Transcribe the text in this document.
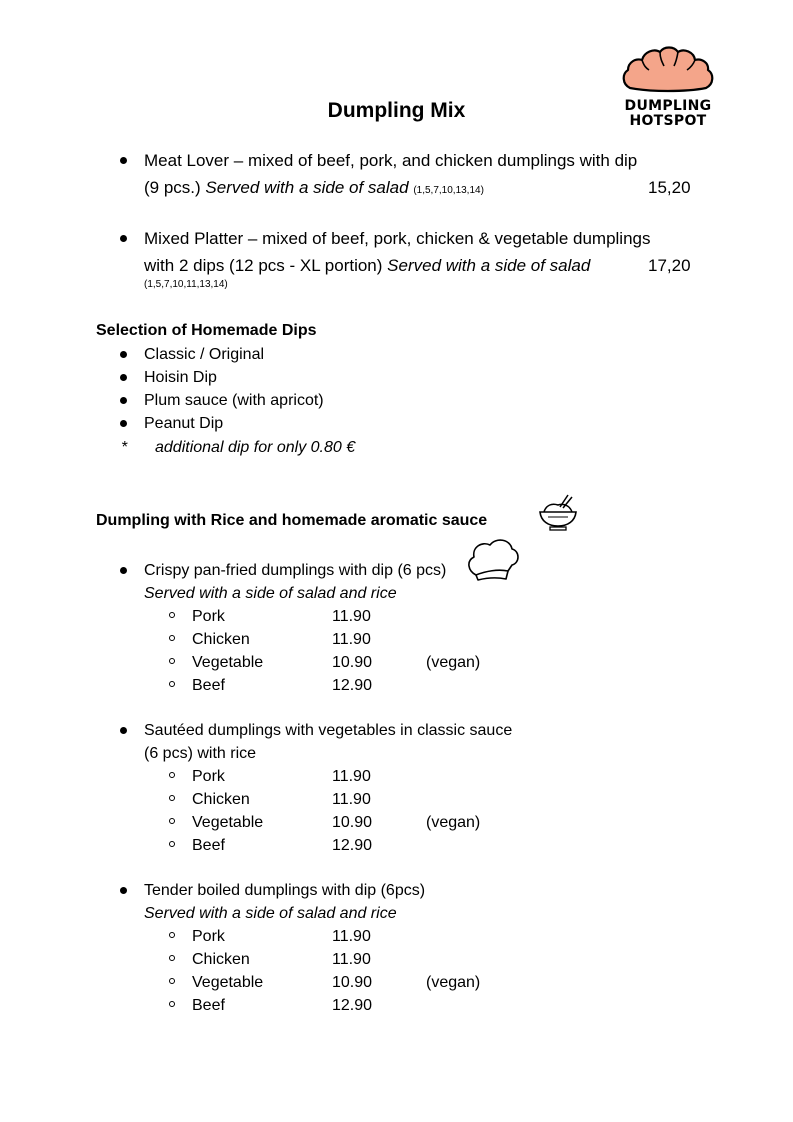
DUMPLING
HOTSPOT
Dumpling Mix
Meat Lover – mixed of beef, pork, and chicken dumplings with dip
(9 pcs.) Served with a side of salad (1,5,7,10,13,14)	15,20
Mixed Platter – mixed of beef, pork, chicken & vegetable dumplings
with 2 dips (12 pcs - XL portion) Served with a side of salad
(1,5,7,10,11,13,14)
17,20
Selection of Homemade Dips
Classic / Original
Hoisin Dip
Plum sauce (with apricot)
Peanut Dip
* additional dip for only 0.80 €
Dumpling with Rice and homemade aromatic sauce
Crispy pan-fried dumplings with dip (6 pcs)
Served with a side of salad and rice
Pork	11.90
Chicken	11.90
Vegetable	10.90	(vegan)
Beef	12.90
Sautéed dumplings with vegetables in classic sauce
(6 pcs) with rice
Pork	11.90
Chicken	11.90
Vegetable	10.90	(vegan)
Beef	12.90
Tender boiled dumplings with dip (6pcs)
Served with a side of salad and rice
Pork	11.90
Chicken	11.90
Vegetable	10.90	(vegan)
Beef	12.90
